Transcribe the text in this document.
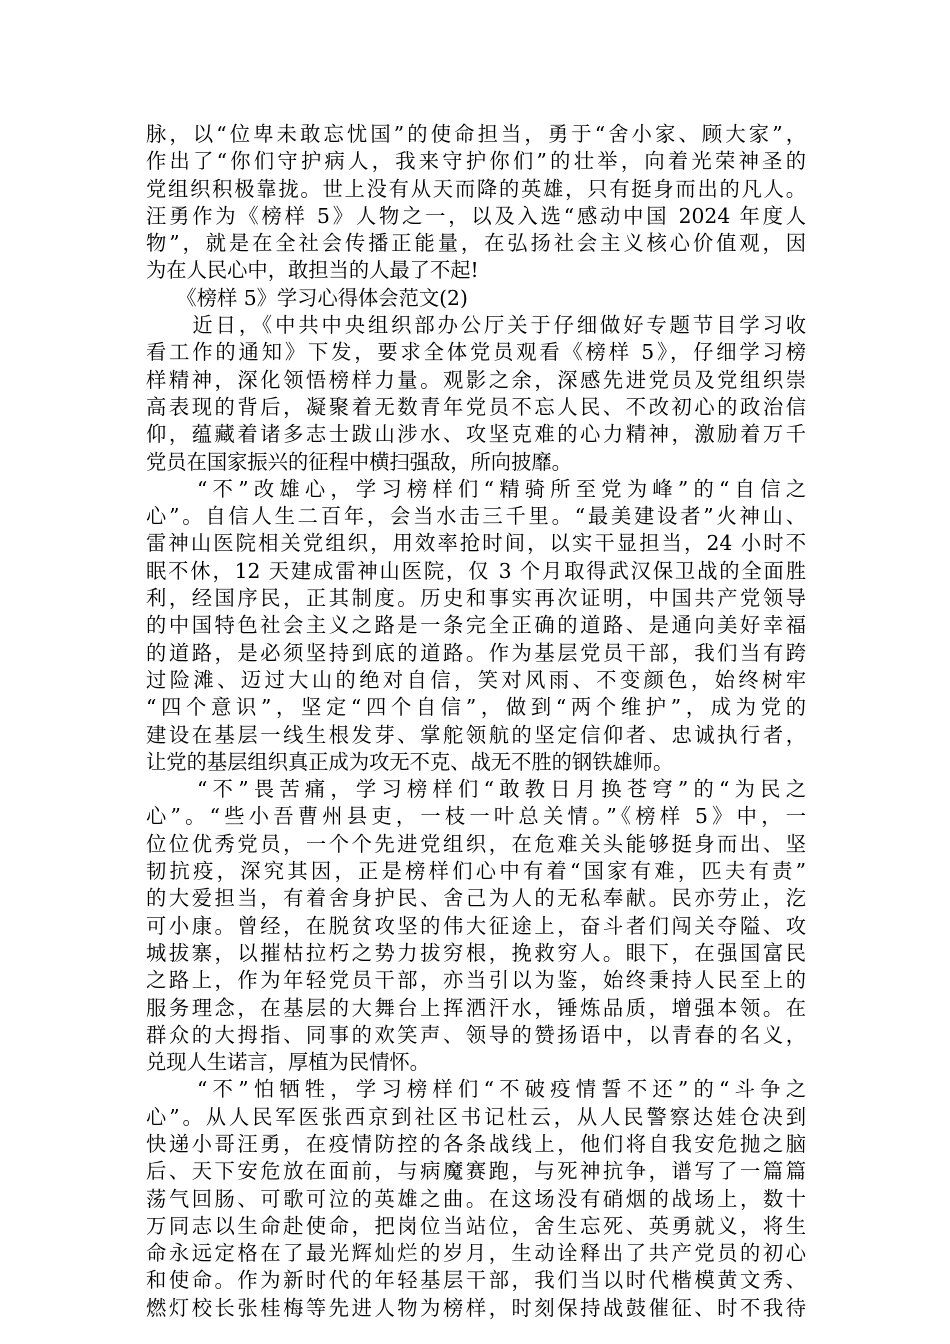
脉，以“位卑未敢忘忧国”的使命担当，勇于“舍小家、顾大家”，
作出了“你们守护病人，我来守护你们”的壮举，向着光荣神圣的
党组织积极靠拢。世上没有从天而降的英雄，只有挺身而出的凡人。
汪勇作为《榜样 5》人物之一，以及入选“感动中国 2024 年度人
物”，就是在全社会传播正能量，在弘扬社会主义核心价值观，因
为在人民心中，敢担当的人最了不起!
　　《榜样 5》学习心得体会范文(2)
　　近日，《中共中央组织部办公厅关于仔细做好专题节目学习收
看工作的通知》下发，要求全体党员观看《榜样 5》，仔细学习榜
样精神，深化领悟榜样力量。观影之余，深感先进党员及党组织崇
高表现的背后，凝聚着无数青年党员不忘人民、不改初心的政治信
仰，蕴藏着诸多志士跋山涉水、攻坚克难的心力精神，激励着万千
党员在国家振兴的征程中横扫强敌，所向披靡。
　　“不”改雄心，学习榜样们“精骑所至党为峰”的“自信之
心”。自信人生二百年，会当水击三千里。“最美建设者”火神山、
雷神山医院相关党组织，用效率抢时间，以实干显担当，24 小时不
眠不休，12 天建成雷神山医院，仅 3 个月取得武汉保卫战的全面胜
利，经国序民，正其制度。历史和事实再次证明，中国共产党领导
的中国特色社会主义之路是一条完全正确的道路、是通向美好幸福
的道路，是必须坚持到底的道路。作为基层党员干部，我们当有跨
过险滩、迈过大山的绝对自信，笑对风雨、不变颜色，始终树牢
“四个意识”，坚定“四个自信”，做到“两个维护”，成为党的
建设在基层一线生根发芽、掌舵领航的坚定信仰者、忠诚执行者，
让党的基层组织真正成为攻无不克、战无不胜的钢铁雄师。
　　“不”畏苦痛，学习榜样们“敢教日月换苍穹”的“为民之
心”。“些小吾曹州县吏，一枝一叶总关情。”《榜样 5》中，一
位位优秀党员，一个个先进党组织，在危难关头能够挺身而出、坚
韧抗疫，深究其因，正是榜样们心中有着“国家有难，匹夫有责”
的大爱担当，有着舍身护民、舍己为人的无私奉献。民亦劳止，汔
可小康。曾经，在脱贫攻坚的伟大征途上，奋斗者们闯关夺隘、攻
城拔寨，以摧枯拉朽之势力拔穷根，挽救穷人。眼下，在强国富民
之路上，作为年轻党员干部，亦当引以为鉴，始终秉持人民至上的
服务理念，在基层的大舞台上挥洒汗水，锤炼品质，增强本领。在
群众的大拇指、同事的欢笑声、领导的赞扬语中，以青春的名义，
兑现人生诺言，厚植为民情怀。
　　“不”怕牺牲，学习榜样们“不破疫情誓不还”的“斗争之
心”。从人民军医张西京到社区书记杜云，从人民警察达娃仓决到
快递小哥汪勇，在疫情防控的各条战线上，他们将自我安危抛之脑
后、天下安危放在面前，与病魔赛跑，与死神抗争，谱写了一篇篇
荡气回肠、可歌可泣的英雄之曲。在这场没有硝烟的战场上，数十
万同志以生命赴使命，把岗位当站位，舍生忘死、英勇就义，将生
命永远定格在了最光辉灿烂的岁月，生动诠释出了共产党员的初心
和使命。作为新时代的年轻基层干部，我们当以时代楷模黄文秀、
燃灯校长张桂梅等先进人物为榜样，时刻保持战鼓催征、时不我待
